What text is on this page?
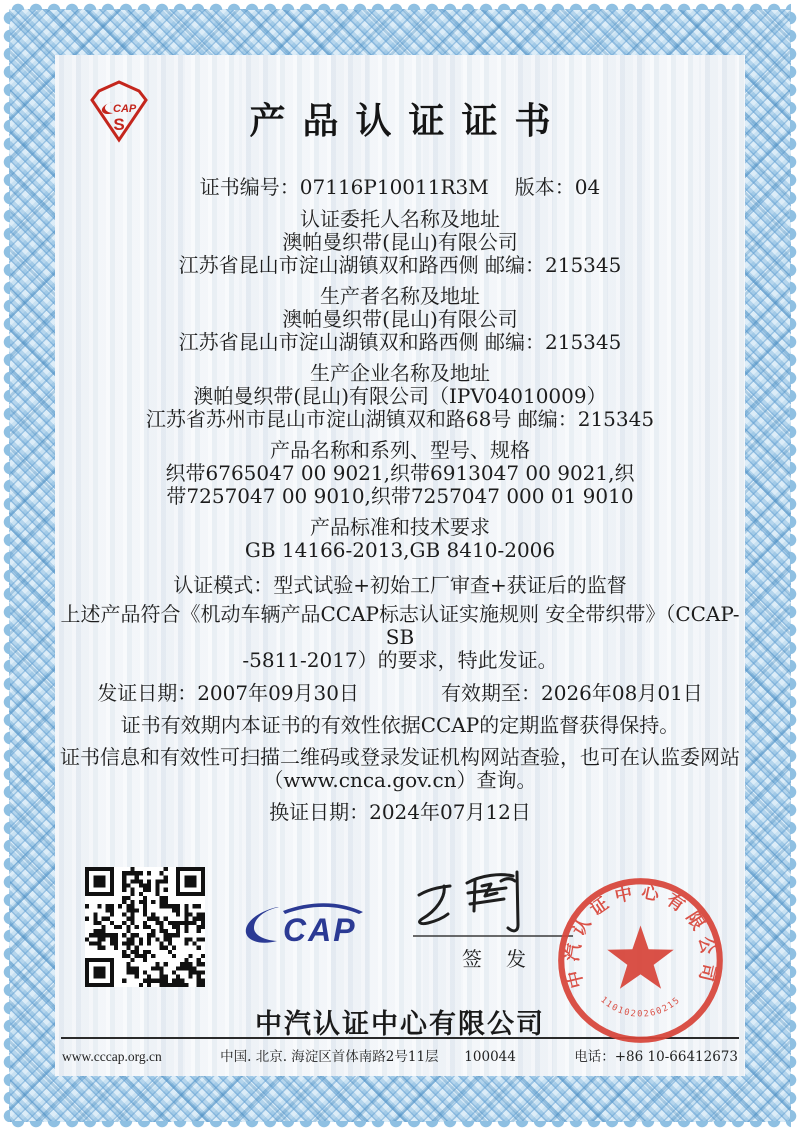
CAP
S	产品认证证书
证书编号：07116P10011R3M 版本：04
认证委托人名称及地址
澳帕曼织带(昆山)有限公司
江苏省昆山市淀山湖镇双和路西侧 邮编：215345
生产者名称及地址
澳帕曼织带(昆山)有限公司
江苏省昆山市淀山湖镇双和路西侧 邮编：215345
生产企业名称及地址
澳帕曼织带(昆山)有限公司（IPV04010009）
江苏省苏州市昆山市淀山湖镇双和路68号 邮编：215345
产品名称和系列、型号、规格
织带6765047 00 9021,织带6913047 00 9021,织
带7257047 00 9010,织带7257047 000 01 9010
产品标准和技术要求
GB 14166-2013,GB 8410-2006
认证模式：型式试验+初始工厂审查+获证后的监督
上述产品符合《机动车辆产品CCAP标志认证实施规则 安全带织带》（CCAP-SB
-5811-2017）的要求，特此发证。
发证日期：2007年09月30日	有效期至：2026年08月01日
证书有效期内本证书的有效性依据CCAP的定期监督获得保持。
证书信息和有效性可扫描二维码或登录发证机构网站查验，也可在认监委网站
（www.cnca.gov.cn）查询。
换证日期：2024年07月12日
CAP
签　发
中汽认证中心有限公司
1101020260215
中汽认证中心有限公司
www.cccap.org.cn	中国. 北京. 海淀区首体南路2号11层      100044	电话：+86 10-66412673
